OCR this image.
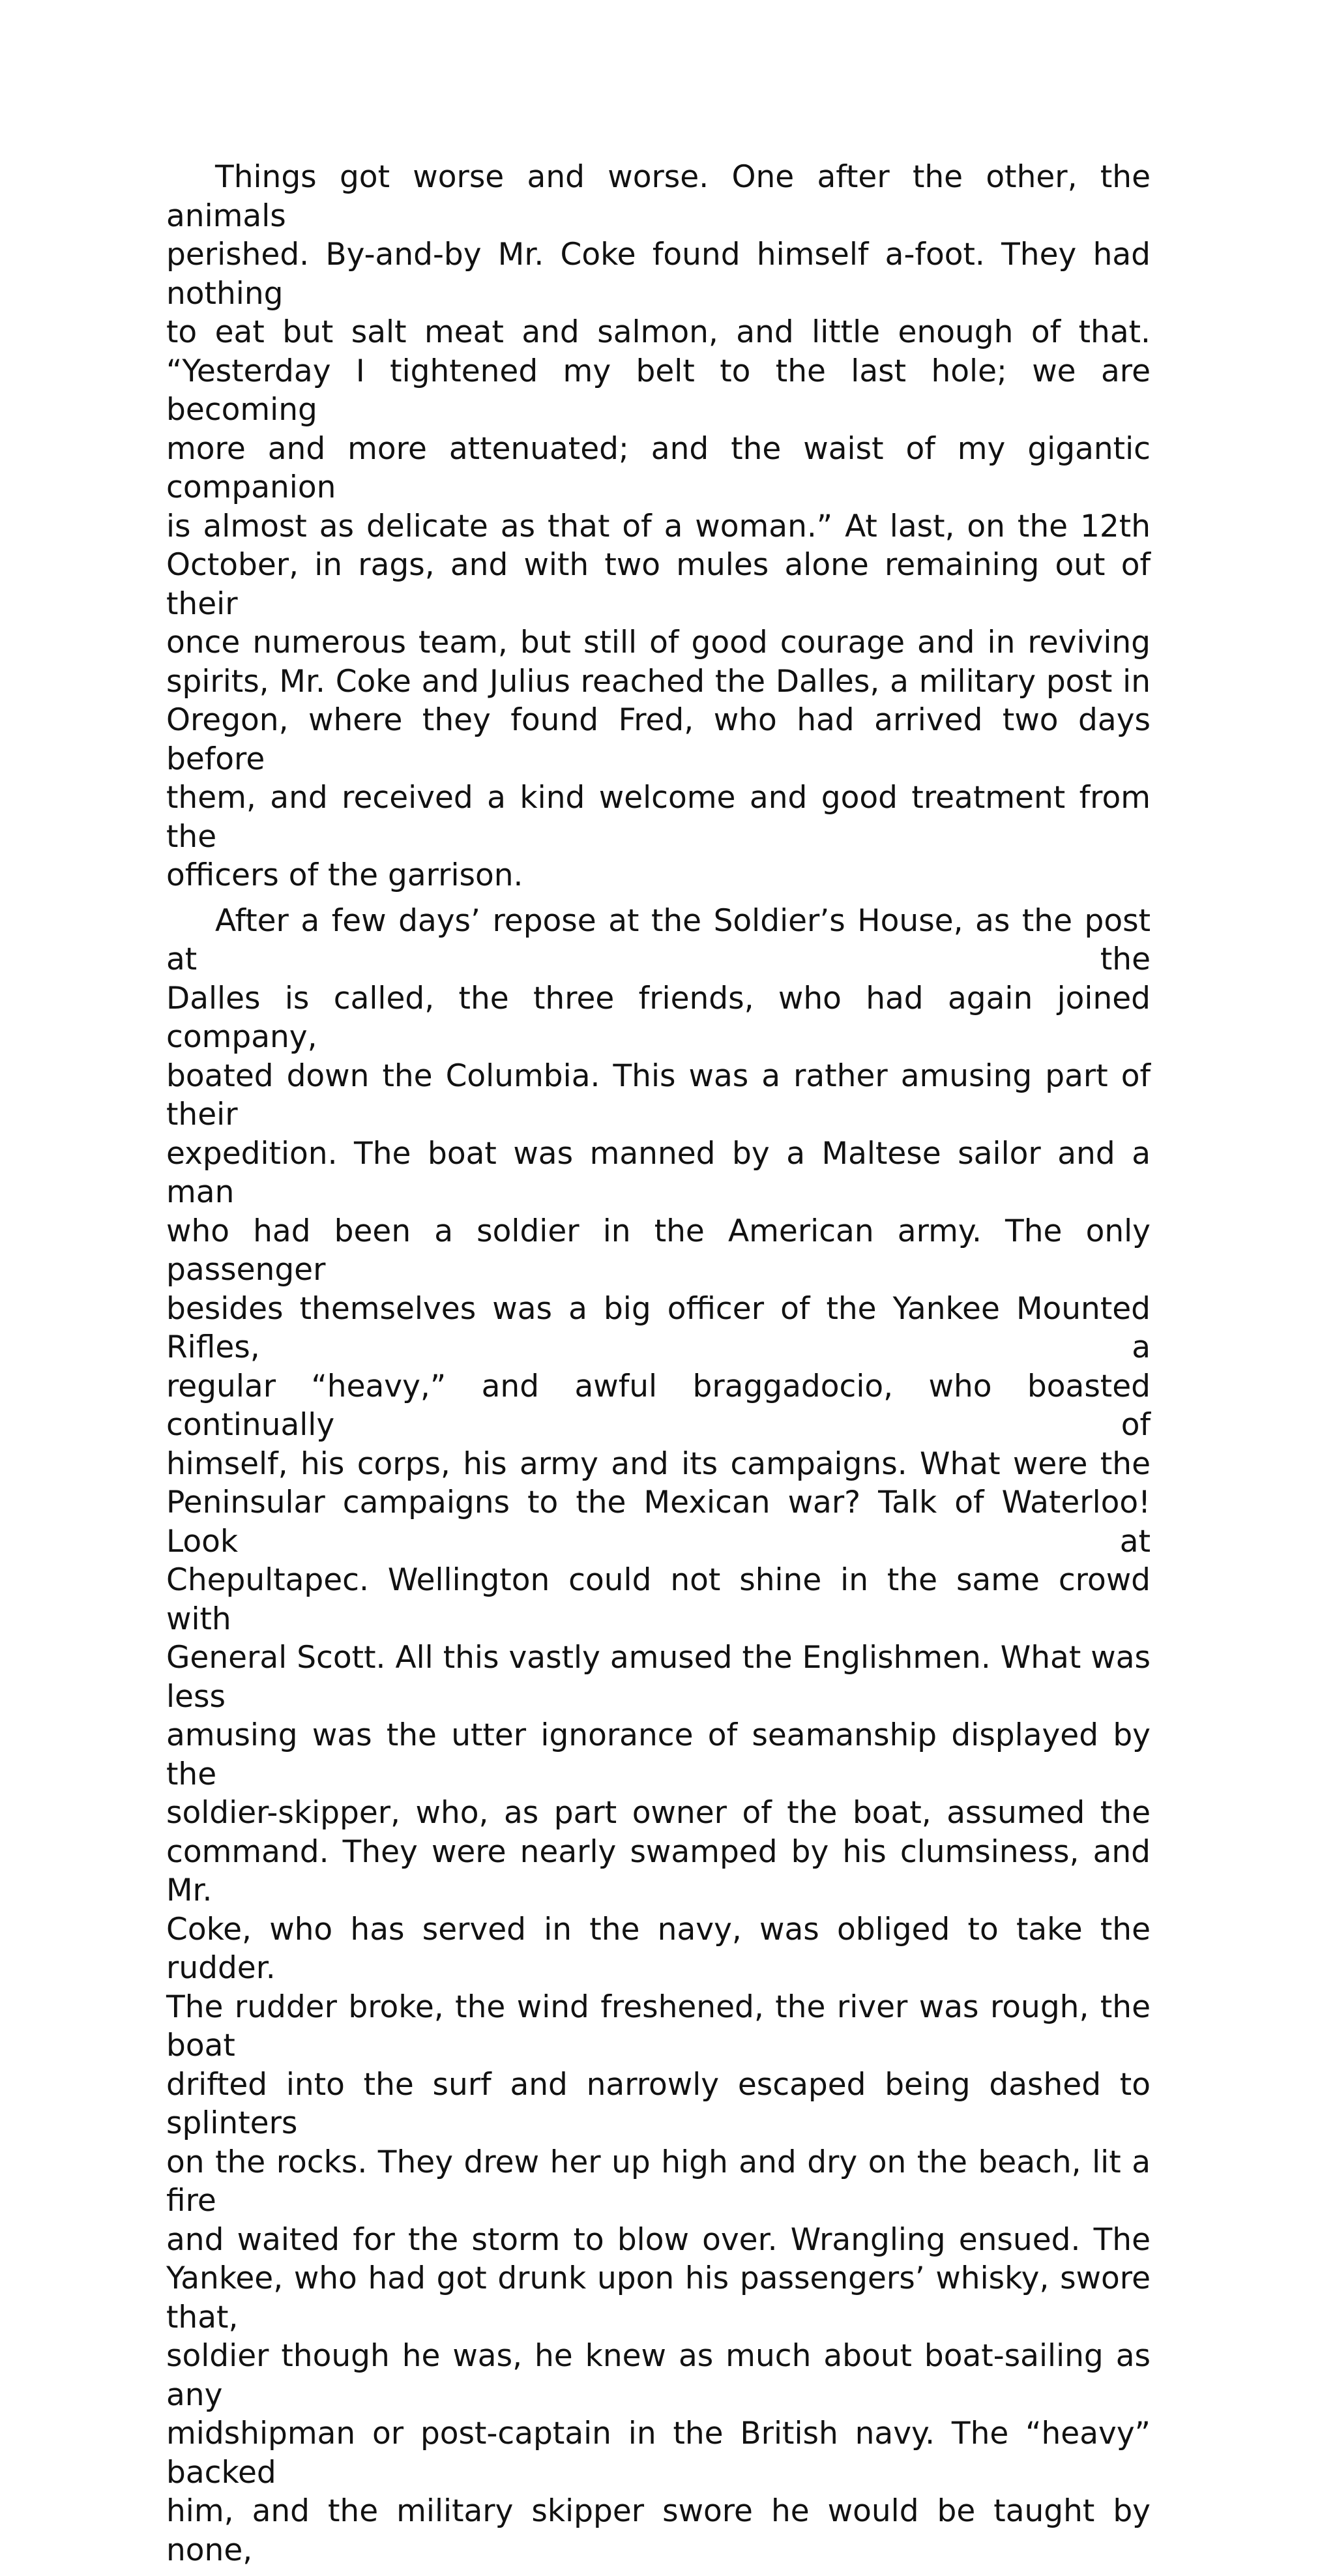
Things got worse and worse. One after the other, the animals
perished. By-and-by Mr. Coke found himself a-foot. They had nothing
to eat but salt meat and salmon, and little enough of that.
“Yesterday I tightened my belt to the last hole; we are becoming
more and more attenuated; and the waist of my gigantic companion
is almost as delicate as that of a woman.” At last, on the 12th
October, in rags, and with two mules alone remaining out of their
once numerous team, but still of good courage and in reviving
spirits, Mr. Coke and Julius reached the Dalles, a military post in
Oregon, where they found Fred, who had arrived two days before
them, and received a kind welcome and good treatment from the
officers of the garrison.
After a few days’ repose at the Soldier’s House, as the post at the
Dalles is called, the three friends, who had again joined company,
boated down the Columbia. This was a rather amusing part of their
expedition. The boat was manned by a Maltese sailor and a man
who had been a soldier in the American army. The only passenger
besides themselves was a big officer of the Yankee Mounted Rifles, a
regular “heavy,” and awful braggadocio, who boasted continually of
himself, his corps, his army and its campaigns. What were the
Peninsular campaigns to the Mexican war? Talk of Waterloo! Look at
Chepultapec. Wellington could not shine in the same crowd with
General Scott. All this vastly amused the Englishmen. What was less
amusing was the utter ignorance of seamanship displayed by the
soldier-skipper, who, as part owner of the boat, assumed the
command. They were nearly swamped by his clumsiness, and Mr.
Coke, who has served in the navy, was obliged to take the rudder.
The rudder broke, the wind freshened, the river was rough, the boat
drifted into the surf and narrowly escaped being dashed to splinters
on the rocks. They drew her up high and dry on the beach, lit a fire
and waited for the storm to blow over. Wrangling ensued. The
Yankee, who had got drunk upon his passengers’ whisky, swore that,
soldier though he was, he knew as much about boat-sailing as any
midshipman or post-captain in the British navy. The “heavy” backed
him, and the military skipper swore he would be taught by none,
